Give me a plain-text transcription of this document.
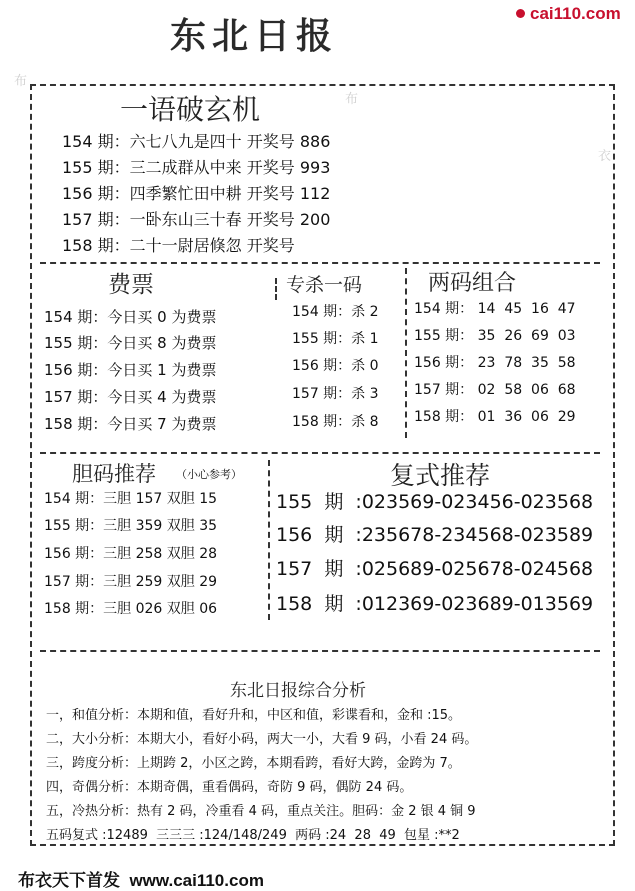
东北日报
cai110.com
布
布
衣
一语破玄机
154 期：六七八九是四十 开奖号 886
155 期：三二成群从中来 开奖号 993
156 期：四季繁忙田中耕 开奖号 112
157 期：一卧东山三十春 开奖号 200
158 期：二十一尉居倏忽 开奖号
费票
154 期：今日买 0 为费票
155 期：今日买 8 为费票
156 期：今日买 1 为费票
157 期：今日买 4 为费票
158 期：今日买 7 为费票
专杀一码
154 期：杀 2
155 期：杀 1
156 期：杀 0
157 期：杀 3
158 期：杀 8
两码组合
154 期： 14  45  16  47
155 期： 35  26  69  03
156 期： 23  78  35  58
157 期： 02  58  06  68
158 期： 01  36  06  29
胆码推荐 （小心参考）
154 期：三胆 157 双胆 15
155 期：三胆 359 双胆 35
156 期：三胆 258 双胆 28
157 期：三胆 259 双胆 29
158 期：三胆 026 双胆 06
复式推荐
155  期  :023569-023456-023568
156  期  :235678-234568-023589
157  期  :025689-025678-024568
158  期  :012369-023689-013569
东北日报综合分析
一，和值分析：本期和值，看好升和，中区和值，彩谍看和，金和 :15。
二，大小分析：本期大小，看好小码，两大一小，大看 9 码，小看 24 码。
三，跨度分析：上期跨 2，小区之跨，本期看跨，看好大跨，金跨为 7。
四，奇偶分析：本期奇偶，重看偶码，奇防 9 码，偶防 24 码。
五，冷热分析：热有 2 码，冷重看 4 码，重点关注。胆码：金 2 银 4 铜 9
五码复式 :12489  三三三 :124/148/249  两码 :24  28  49  包星 :**2
布衣天下首发  www.cai110.com
